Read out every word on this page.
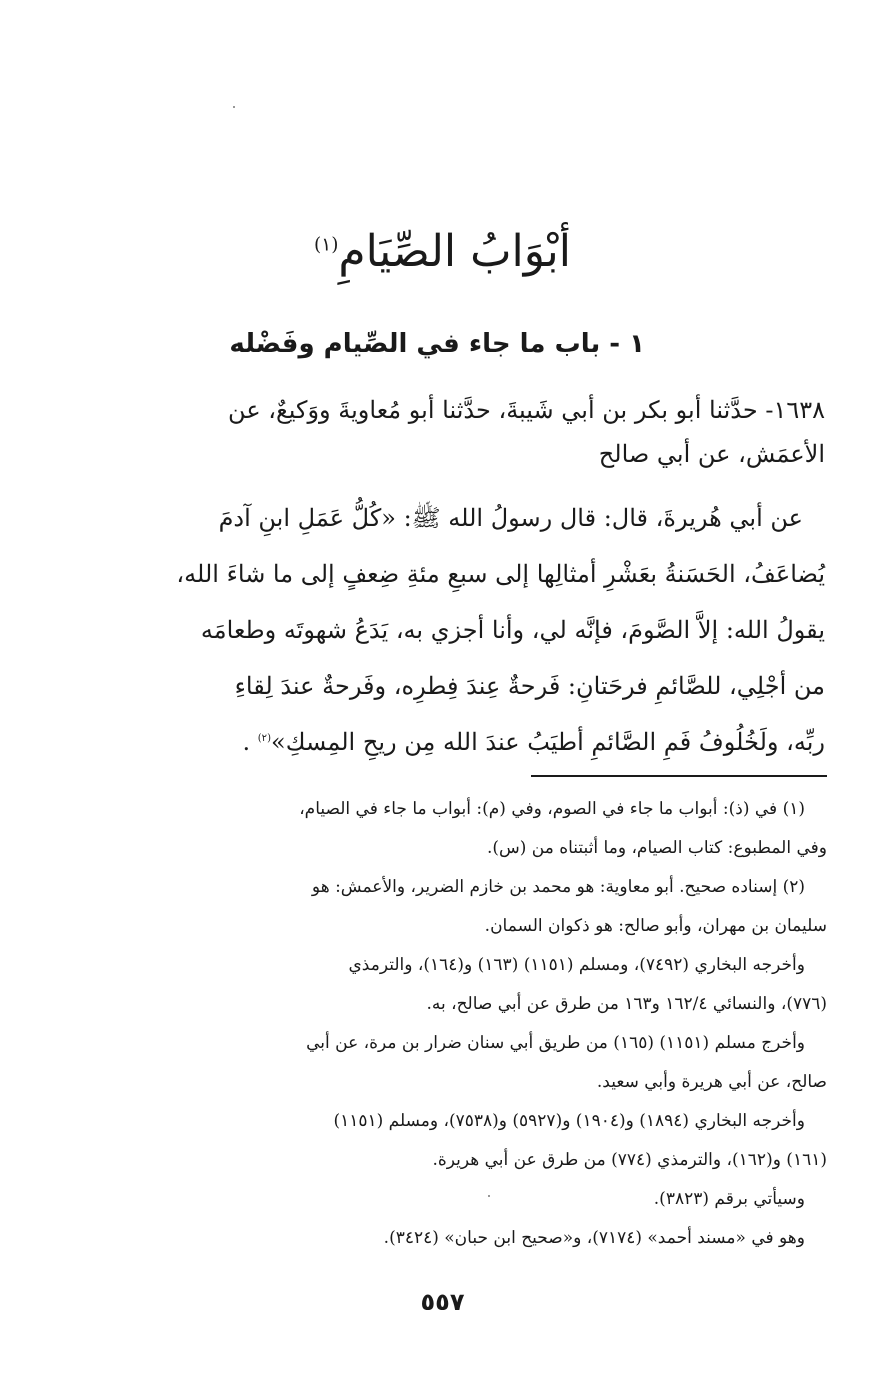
أبْوَابُ الصِّيَامِ$^{(١)}$
١ - باب ما جاء في الصِّيام وفَضْله
١٦٣٨- حدَّثنا أبو بكر بن أبي شَيبةَ، حدَّثنا أبو مُعاويةَ ووَكيعٌ، عن
الأعمَش، عن أبي صالح
عن أبي هُريرةَ، قال: قال رسولُ الله ﷺ: «كُلُّ عَمَلِ ابنِ آدمَ
يُضاعَفُ، الحَسَنةُ بعَشْرِ أمثالِها إلى سبعِ مئةِ ضِعفٍ إلى ما شاءَ الله،
يقولُ الله: إلاَّ الصَّومَ، فإنَّه لي، وأنا أجزي به، يَدَعُ شهوتَه وطعامَه
من أجْلِي، للصَّائمِ فرحَتانِ: فَرحةٌ عِندَ فِطرِه، وفَرحةٌ عندَ لِقاءِ
ربِّه، ولَخُلُوفُ فَمِ الصَّائمِ أطيَبُ عندَ الله مِن ريحِ المِسكِ»$^{(٢)}$ .
(١) في (ذ): أبواب ما جاء في الصوم، وفي (م): أبواب ما جاء في الصيام،
وفي المطبوع: كتاب الصيام، وما أثبتناه من (س).
(٢) إسناده صحيح. أبو معاوية: هو محمد بن خازم الضرير، والأعمش: هو
سليمان بن مهران، وأبو صالح: هو ذكوان السمان.
وأخرجه البخاري (٧٤٩٢)، ومسلم (١١٥١) (١٦٣) و(١٦٤)، والترمذي
(٧٧٦)، والنسائي ١٦٢/٤ و١٦٣ من طرق عن أبي صالح، به.
وأخرج مسلم (١١٥١) (١٦٥) من طريق أبي سنان ضرار بن مرة، عن أبي
صالح، عن أبي هريرة وأبي سعيد.
وأخرجه البخاري (١٨٩٤) و(١٩٠٤) و(٥٩٢٧) و(٧٥٣٨)، ومسلم (١١٥١)
(١٦١) و(١٦٢)، والترمذي (٧٧٤) من طرق عن أبي هريرة.
وسيأتي برقم (٣٨٢٣).
وهو في «مسند أحمد» (٧١٧٤)، و«صحيح ابن حبان» (٣٤٢٤).
٥٥٧
